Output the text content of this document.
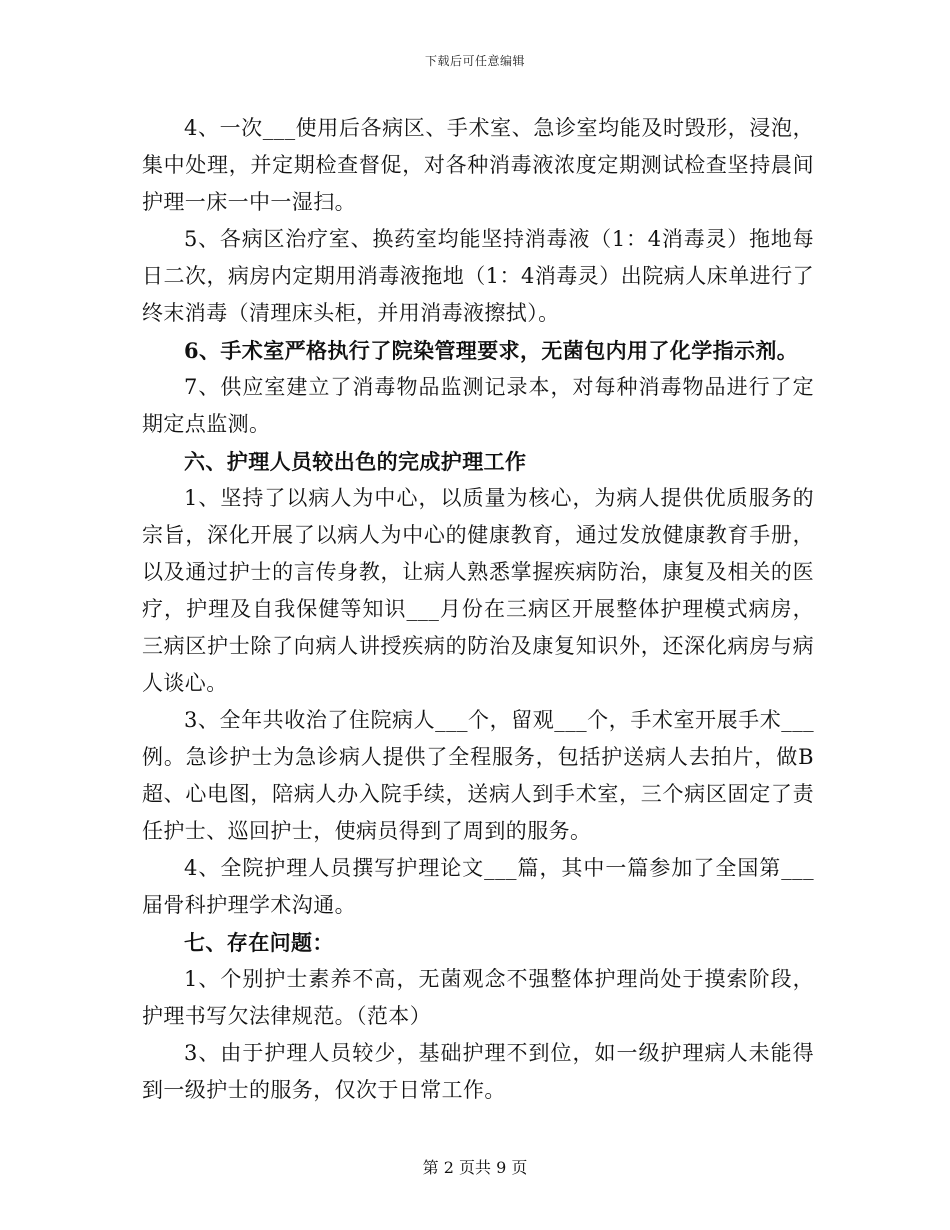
下载后可任意编辑

4、一次___使用后各病区、手术室、急诊室均能及时毁形，浸泡，集中处理，并定期检查督促，对各种消毒液浓度定期测试检查坚持晨间护理一床一中一湿扫。

5、各病区治疗室、换药室均能坚持消毒液（1：4消毒灵）拖地每日二次，病房内定期用消毒液拖地（1：4消毒灵）出院病人床单进行了终末消毒（清理床头柜，并用消毒液擦拭）。

6、手术室严格执行了院染管理要求，无菌包内用了化学指示剂。

7、供应室建立了消毒物品监测记录本，对每种消毒物品进行了定期定点监测。

六、护理人员较出色的完成护理工作

1、坚持了以病人为中心，以质量为核心，为病人提供优质服务的宗旨，深化开展了以病人为中心的健康教育，通过发放健康教育手册，以及通过护士的言传身教，让病人熟悉掌握疾病防治，康复及相关的医疗，护理及自我保健等知识___月份在三病区开展整体护理模式病房，三病区护士除了向病人讲授疾病的防治及康复知识外，还深化病房与病人谈心。

3、全年共收治了住院病人___个，留观___个，手术室开展手术___例。急诊护士为急诊病人提供了全程服务，包括护送病人去拍片，做B超、心电图，陪病人办入院手续，送病人到手术室，三个病区固定了责任护士、巡回护士，使病员得到了周到的服务。

4、全院护理人员撰写护理论文___篇，其中一篇参加了全国第___届骨科护理学术沟通。

七、存在问题：

1、个别护士素养不高，无菌观念不强整体护理尚处于摸索阶段，护理书写欠法律规范。（范本）

3、由于护理人员较少，基础护理不到位，如一级护理病人未能得到一级护士的服务，仅次于日常工作。

第 2 页共 9 页
